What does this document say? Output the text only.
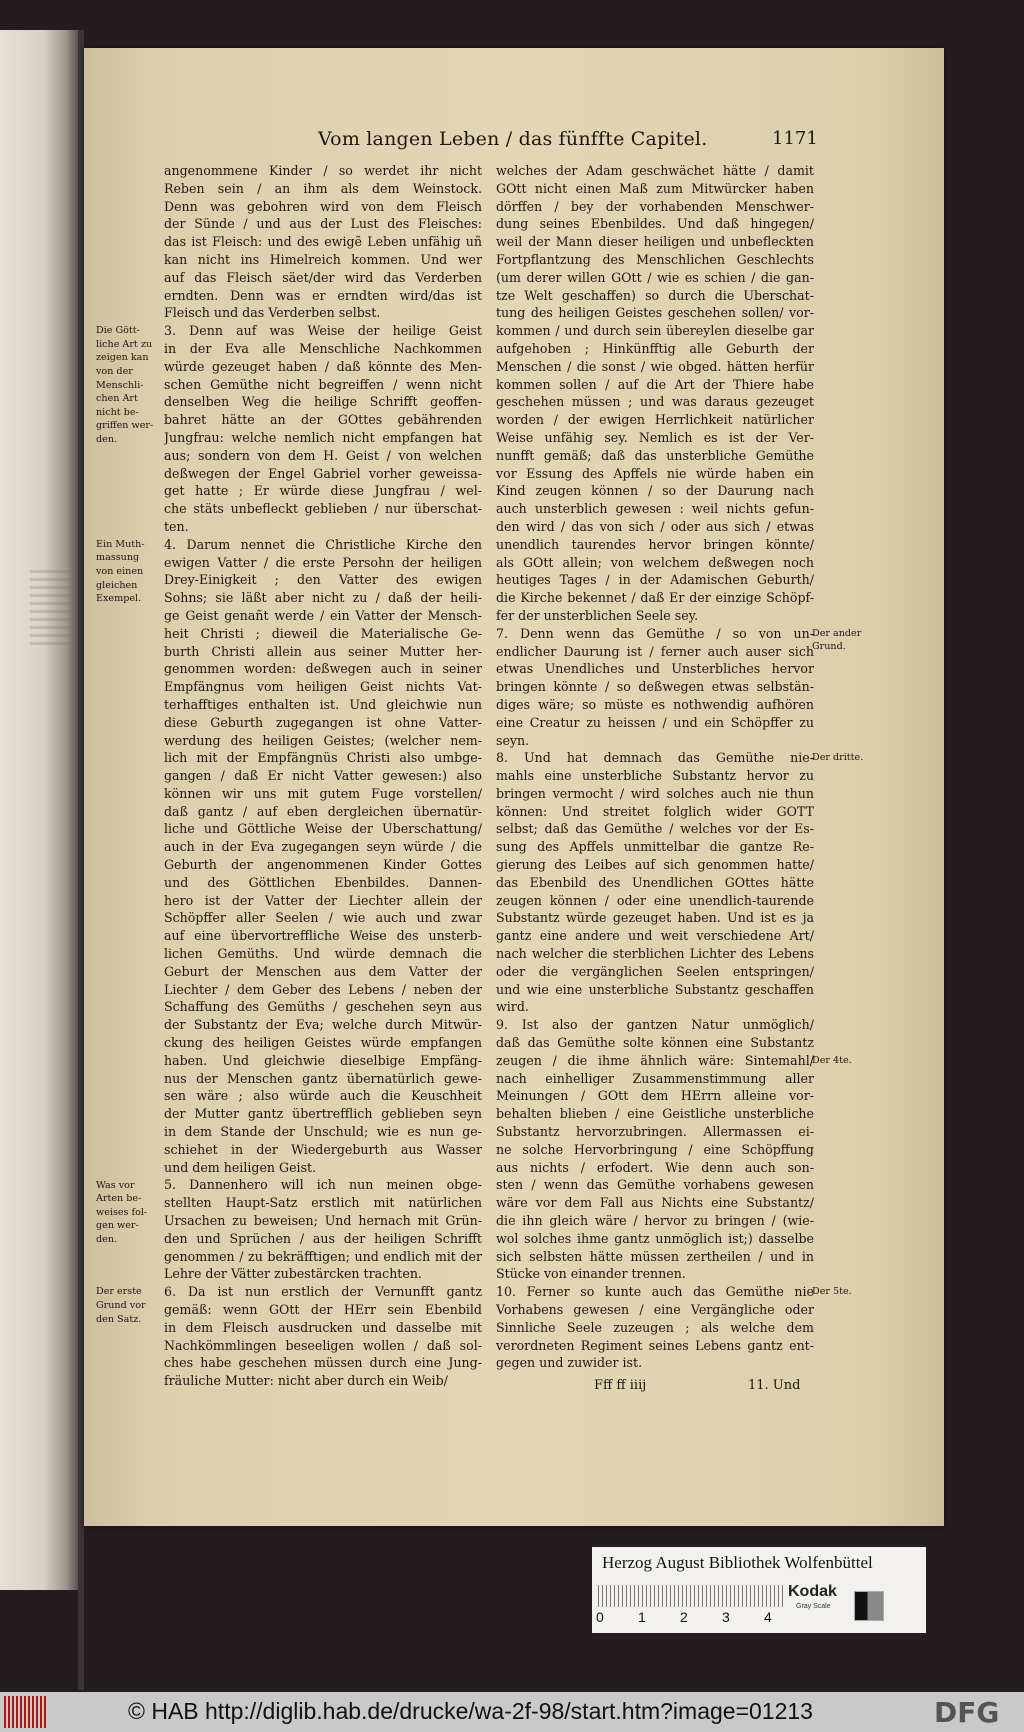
Vom langen Leben / das fünffte Capitel.	1171
angenommene Kinder / so werdet ihr nicht
Reben sein / an ihm als dem Weinstock.
Denn was gebohren wird von dem Fleisch
der Sünde / und aus der Lust des Fleisches:
das ist Fleisch: und des ewigẽ Leben unfähig uñ
kan nicht ins Himelreich kommen. Und wer
auf das Fleisch säet/der wird das Verderben
erndten. Denn was er erndten wird/das ist
Fleisch und das Verderben selbst.
3. Denn auf was Weise der heilige Geist
in der Eva alle Menschliche Nachkommen
würde gezeuget haben / daß könnte des Men-
schen Gemüthe nicht begreiffen / wenn nicht
denselben Weg die heilige Schrifft geoffen-
bahret hätte an der GOttes gebährenden
Jungfrau: welche nemlich nicht empfangen hat
aus; sondern von dem H. Geist / von welchen
deßwegen der Engel Gabriel vorher geweissa-
get hatte ; Er würde diese Jungfrau / wel-
che stäts unbefleckt geblieben / nur überschat-
ten.
4. Darum nennet die Christliche Kirche den
ewigen Vatter / die erste Persohn der heiligen
Drey-Einigkeit ; den Vatter des ewigen
Sohns; sie läßt aber nicht zu / daß der heili-
ge Geist genañt werde / ein Vatter der Mensch-
heit Christi ; dieweil die Materialische Ge-
burth Christi allein aus seiner Mutter her-
genommen worden: deßwegen auch in seiner
Empfängnus vom heiligen Geist nichts Vat-
terhafftiges enthalten ist. Und gleichwie nun
diese Geburth zugegangen ist ohne Vatter-
werdung des heiligen Geistes; (welcher nem-
lich mit der Empfängnüs Christi also umbge-
gangen / daß Er nicht Vatter gewesen:) also
können wir uns mit gutem Fuge vorstellen/
daß gantz / auf eben dergleichen übernatür-
liche und Göttliche Weise der Uberschattung/
auch in der Eva zugegangen seyn würde / die
Geburth der angenommenen Kinder Gottes
und des Göttlichen Ebenbildes. Dannen-
hero ist der Vatter der Liechter allein der
Schöpffer aller Seelen / wie auch und zwar
auf eine übervortreffliche Weise des unsterb-
lichen Gemüths. Und würde demnach die
Geburt der Menschen aus dem Vatter der
Liechter / dem Geber des Lebens / neben der
Schaffung des Gemüths / geschehen seyn aus
der Substantz der Eva; welche durch Mitwür-
ckung des heiligen Geistes würde empfangen
haben. Und gleichwie dieselbige Empfäng-
nus der Menschen gantz übernatürlich gewe-
sen wäre ; also würde auch die Keuschheit
der Mutter gantz übertrefflich geblieben seyn
in dem Stande der Unschuld; wie es nun ge-
schiehet in der Wiedergeburth aus Wasser
und dem heiligen Geist.
5. Dannenhero will ich nun meinen obge-
stellten Haupt-Satz erstlich mit natürlichen
Ursachen zu beweisen; Und hernach mit Grün-
den und Sprüchen / aus der heiligen Schrifft
genommen / zu bekräfftigen; und endlich mit der
Lehre der Vätter zubestärcken trachten.
6. Da ist nun erstlich der Vernunfft gantz
gemäß: wenn GOtt der HErr sein Ebenbild
in dem Fleisch ausdrucken und dasselbe mit
Nachkömmlingen beseeligen wollen / daß sol-
ches habe geschehen müssen durch eine Jung-
fräuliche Mutter: nicht aber durch ein Weib/
welches der Adam geschwächet hätte / damit
GOtt nicht einen Maß zum Mitwürcker haben
dörffen / bey der vorhabenden Menschwer-
dung seines Ebenbildes. Und daß hingegen/
weil der Mann dieser heiligen und unbefleckten
Fortpflantzung des Menschlichen Geschlechts
(um derer willen GOtt / wie es schien / die gan-
tze Welt geschaffen) so durch die Uberschat-
tung des heiligen Geistes geschehen sollen/ vor-
kommen / und durch sein übereylen dieselbe gar
aufgehoben ; Hinkünfftig alle Geburth der
Menschen / die sonst / wie obged. hätten herfür
kommen sollen / auf die Art der Thiere habe
geschehen müssen ; und was daraus gezeuget
worden / der ewigen Herrlichkeit natürlicher
Weise unfähig sey. Nemlich es ist der Ver-
nunfft gemäß; daß das unsterbliche Gemüthe
vor Essung des Apffels nie würde haben ein
Kind zeugen können / so der Daurung nach
auch unsterblich gewesen : weil nichts gefun-
den wird / das von sich / oder aus sich / etwas
unendlich taurendes hervor bringen könnte/
als GOtt allein; von welchem deßwegen noch
heutiges Tages / in der Adamischen Geburth/
die Kirche bekennet / daß Er der einzige Schöpf-
fer der unsterblichen Seele sey.
7. Denn wenn das Gemüthe / so von un-
endlicher Daurung ist / ferner auch auser sich
etwas Unendliches und Unsterbliches hervor
bringen könnte / so deßwegen etwas selbstän-
diges wäre; so müste es nothwendig aufhören
eine Creatur zu heissen / und ein Schöpffer zu
seyn.
8. Und hat demnach das Gemüthe nie-
mahls eine unsterbliche Substantz hervor zu
bringen vermocht / wird solches auch nie thun
können: Und streitet folglich wider GOTT
selbst; daß das Gemüthe / welches vor der Es-
sung des Apffels unmittelbar die gantze Re-
gierung des Leibes auf sich genommen hatte/
das Ebenbild des Unendlichen GOttes hätte
zeugen können / oder eine unendlich-taurende
Substantz würde gezeuget haben. Und ist es ja
gantz eine andere und weit verschiedene Art/
nach welcher die sterblichen Lichter des Lebens
oder die vergänglichen Seelen entspringen/
und wie eine unsterbliche Substantz geschaffen
wird.
9. Ist also der gantzen Natur unmöglich/
daß das Gemüthe solte können eine Substantz
zeugen / die ihme ähnlich wäre: Sintemahl/
nach einhelliger Zusammenstimmung aller
Meinungen / GOtt dem HErrn alleine vor-
behalten blieben / eine Geistliche unsterbliche
Substantz hervorzubringen. Allermassen ei-
ne solche Hervorbringung / eine Schöpffung
aus nichts / erfodert. Wie denn auch son-
sten / wenn das Gemüthe vorhabens gewesen
wäre vor dem Fall aus Nichts eine Substantz/
die ihn gleich wäre / hervor zu bringen / (wie-
wol solches ihme gantz unmöglich ist;) dasselbe
sich selbsten hätte müssen zertheilen / und in
Stücke von einander trennen.
10. Ferner so kunte auch das Gemüthe nie
Vorhabens gewesen / eine Vergängliche oder
Sinnliche Seele zuzeugen ; als welche dem
verordneten Regiment seines Lebens gantz ent-
gegen und zuwider ist.
Die Gött-
liche Art zu
zeigen kan
von der
Menschli-
chen Art
nicht be-
griffen wer-
den.
Ein Muth-
massung
von einen
gleichen
Exempel.
Was vor
Arten be-
weises fol-
gen wer-
den.
Der erste
Grund vor
den Satz.
Der ander
Grund.
Der dritte.
Der 4te.
Der 5te.
Fff ff iiij	11. Und
Herzog August Bibliothek Wolfenbüttel
0 1 2 3 4
Kodak
Gray Scale
© HAB http://diglib.hab.de/drucke/wa-2f-98/start.htm?image=01213	DFG
